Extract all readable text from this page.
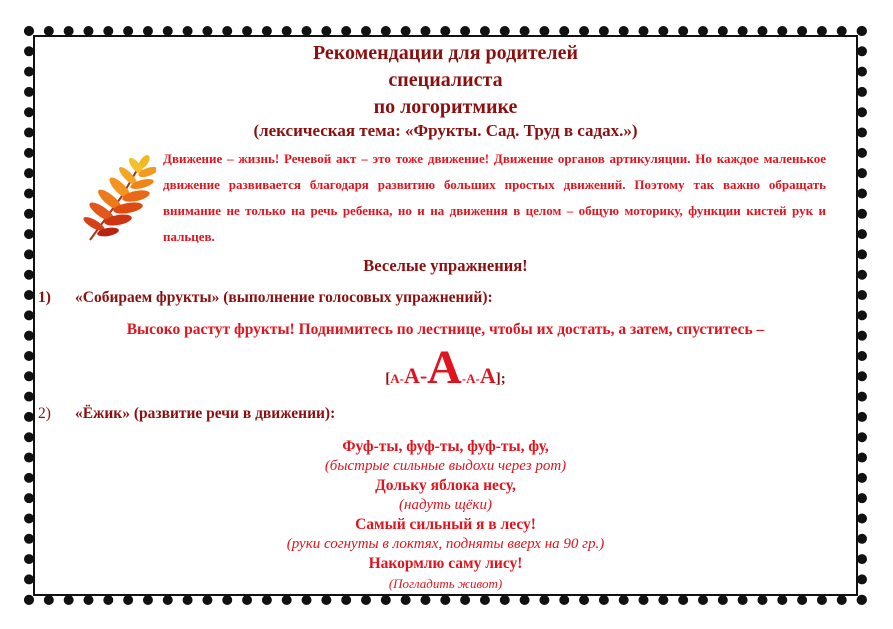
Рекомендации для родителей
специалиста
по логоритмике
(лексическая тема: «Фрукты. Сад. Труд в садах.»)
Движение – жизнь! Речевой акт – это тоже движение! Движение органов артикуляции. Но каждое маленькое движение развивается благодаря развитию больших простых движений. Поэтому так важно обращать внимание не только на речь ребенка, но и на движения в целом – общую моторику, функции кистей рук и пальцев.
Веселые упражнения!
1) «Собираем фрукты» (выполнение голосовых упражнений):
Высоко растут фрукты! Поднимитесь по лестнице, чтобы их достать, а затем, спуститесь –
[А-А-А-А-А];
2) «Ёжик» (развитие речи в движении):
Фуф-ты, фуф-ты, фуф-ты, фу,
(быстрые сильные выдохи через рот)
Дольку яблока несу,
(надуть щёки)
Самый сильный я в лесу!
(руки согнуты в локтях, подняты вверх на 90 гр.)
Накормлю саму лису!
(Погладить живот)
